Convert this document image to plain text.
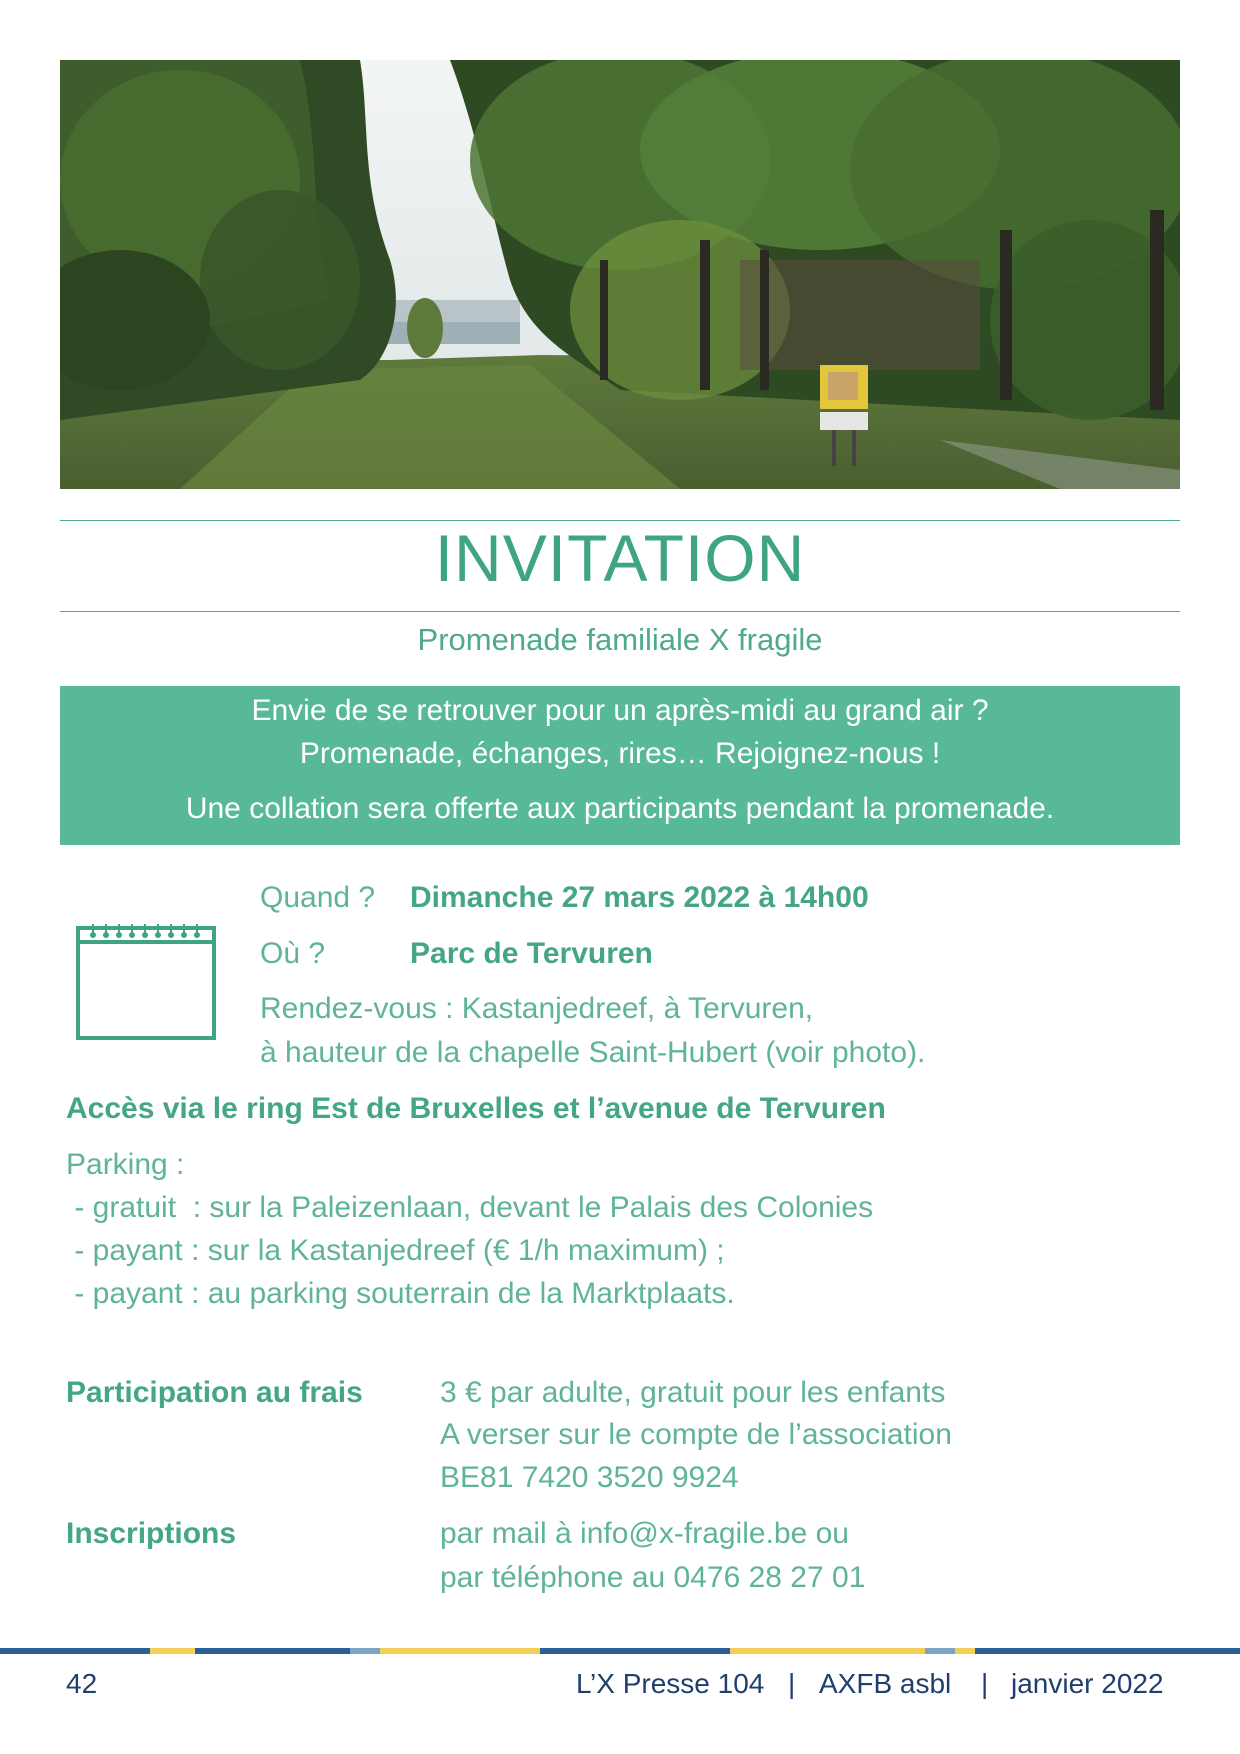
INVITATION
Promenade familiale X fragile
Envie de se retrouver pour un après-midi au grand air ?
Promenade, échanges, rires… Rejoignez-nous !
Une collation sera offerte aux participants pendant la promenade.
Quand ? Dimanche 27 mars 2022 à 14h00
Où ?	Parc de Tervuren
Rendez-vous : Kastanjedreef, à Tervuren,
à hauteur de la chapelle Saint-Hubert (voir photo).
Accès via le ring Est de Bruxelles et l’avenue de Tervuren
Parking :
- gratuit  : sur la Paleizenlaan, devant le Palais des Colonies
- payant : sur la Kastanjedreef (€ 1/h maximum) ;
- payant : au parking souterrain de la Marktplaats.
Participation au frais	3 € par adulte, gratuit pour les enfants
A verser sur le compte de l’association
BE81 7420 3520 9924
Inscriptions	par mail à info@x-fragile.be ou
par téléphone au 0476 28 27 01
42	L’X Presse 104 | AXFB asbl | janvier 2022
